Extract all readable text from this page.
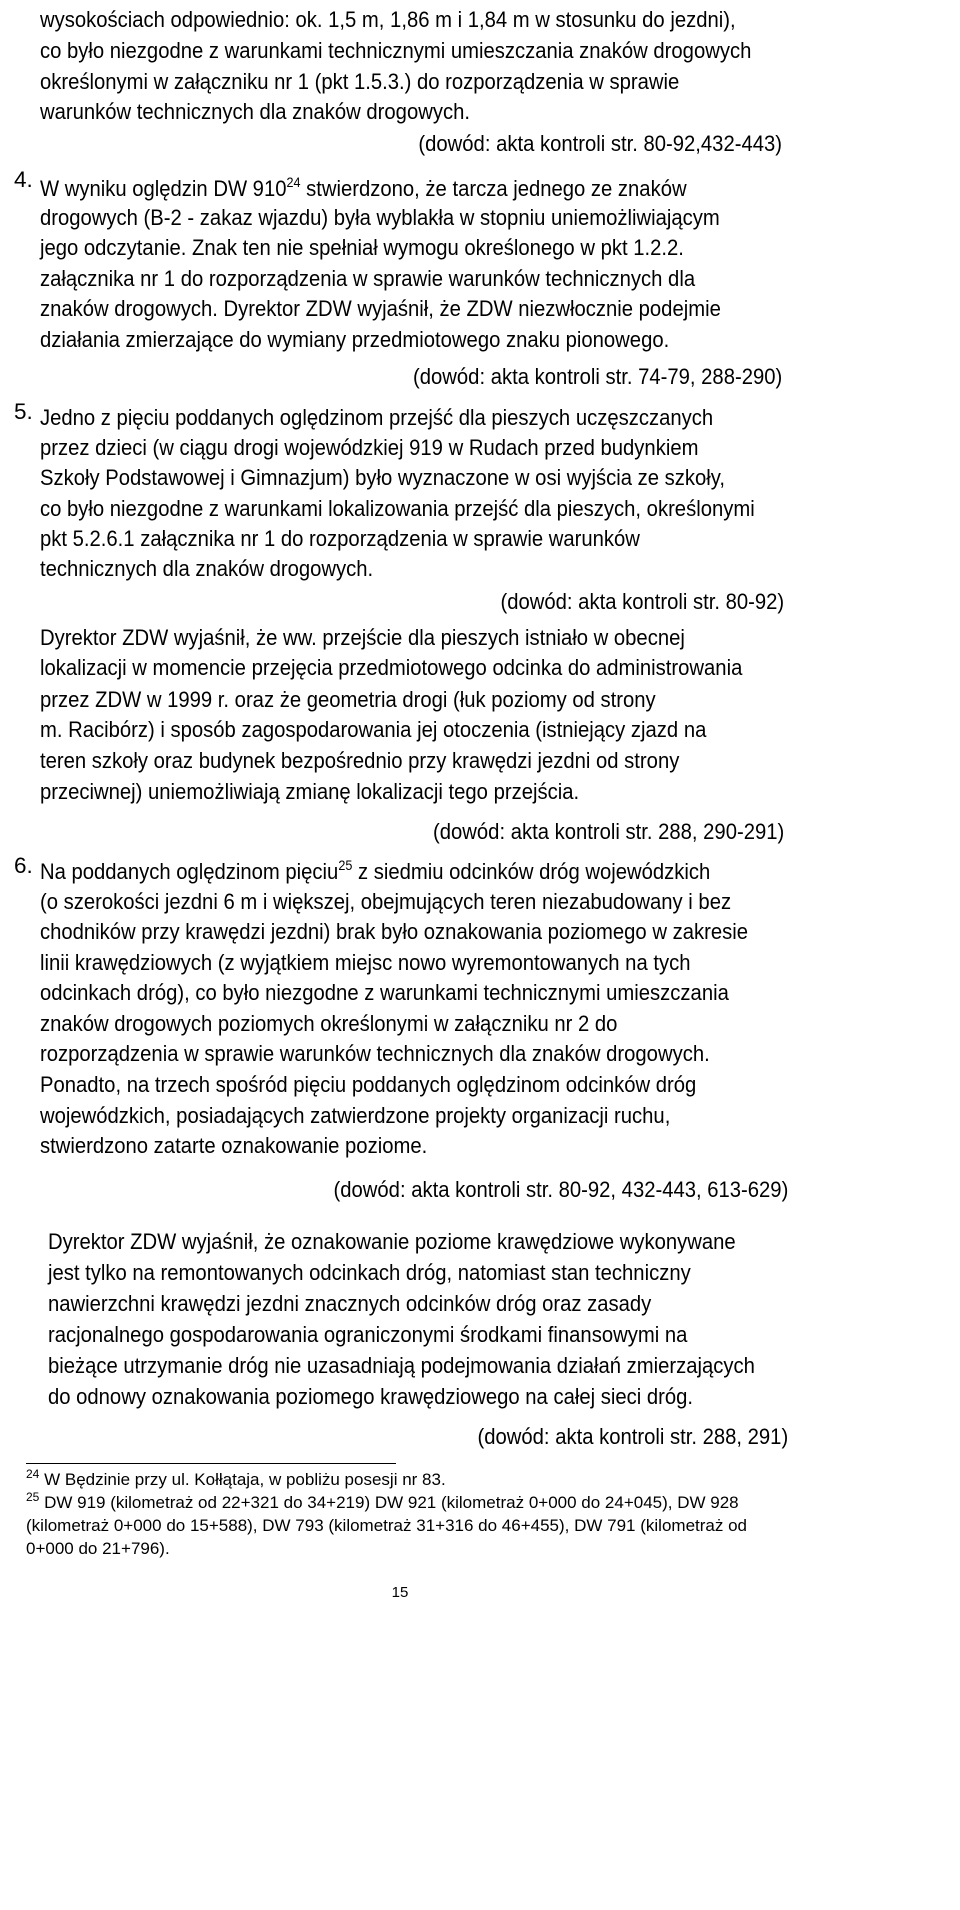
wysokościach odpowiednio: ok. 1,5 m, 1,86 m i 1,84 m w stosunku do jezdni),
co było niezgodne z warunkami technicznymi umieszczania znaków drogowych
określonymi w załączniku nr 1 (pkt 1.5.3.) do rozporządzenia w sprawie
warunków technicznych dla znaków drogowych.
(dowód: akta kontroli str. 80-92,432-443)
4. W wyniku oględzin DW $910^{24}$ stwierdzono, że tarcza jednego ze znaków
drogowych (B-2 - zakaz wjazdu) była wyblakła w stopniu uniemożliwiającym
jego odczytanie. Znak ten nie spełniał wymogu określonego w pkt 1.2.2.
załącznika nr 1 do rozporządzenia w sprawie warunków technicznych dla
znaków drogowych. Dyrektor ZDW wyjaśnił, że ZDW niezwłocznie podejmie
działania zmierzające do wymiany przedmiotowego znaku pionowego.
(dowód: akta kontroli str. 74-79, 288-290)
5. Jedno z pięciu poddanych oględzinom przejść dla pieszych uczęszczanych
przez dzieci (w ciągu drogi wojewódzkiej 919 w Rudach przed budynkiem
Szkoły Podstawowej i Gimnazjum) było wyznaczone w osi wyjścia ze szkoły,
co było niezgodne z warunkami lokalizowania przejść dla pieszych, określonymi
pkt 5.2.6.1 załącznika nr 1 do rozporządzenia w sprawie warunków
technicznych dla znaków drogowych.
(dowód: akta kontroli str. 80-92)
Dyrektor ZDW wyjaśnił, że ww. przejście dla pieszych istniało w obecnej
lokalizacji w momencie przejęcia przedmiotowego odcinka do administrowania
przez ZDW w 1999 r. oraz że geometria drogi (łuk poziomy od strony
m. Racibórz) i sposób zagospodarowania jej otoczenia (istniejący zjazd na
teren szkoły oraz budynek bezpośrednio przy krawędzi jezdni od strony
przeciwnej) uniemożliwiają zmianę lokalizacji tego przejścia.
(dowód: akta kontroli str. 288, 290-291)
6. Na poddanych oględzinom pięciu$^{25}$ z siedmiu odcinków dróg wojewódzkich
(o szerokości jezdni 6 m i większej, obejmujących teren niezabudowany i bez
chodników przy krawędzi jezdni) brak było oznakowania poziomego w zakresie
linii krawędziowych (z wyjątkiem miejsc nowo wyremontowanych na tych
odcinkach dróg), co było niezgodne z warunkami technicznymi umieszczania
znaków drogowych poziomych określonymi w załączniku nr 2 do
rozporządzenia w sprawie warunków technicznych dla znaków drogowych.
Ponadto, na trzech spośród pięciu poddanych oględzinom odcinków dróg
wojewódzkich, posiadających zatwierdzone projekty organizacji ruchu,
stwierdzono zatarte oznakowanie poziome.
(dowód: akta kontroli str. 80-92, 432-443, 613-629)
Dyrektor ZDW wyjaśnił, że oznakowanie poziome krawędziowe wykonywane
jest tylko na remontowanych odcinkach dróg, natomiast stan techniczny
nawierzchni krawędzi jezdni znacznych odcinków dróg oraz zasady
racjonalnego gospodarowania ograniczonymi środkami finansowymi na
bieżące utrzymanie dróg nie uzasadniają podejmowania działań zmierzających
do odnowy oznakowania poziomego krawędziowego na całej sieci dróg.
(dowód: akta kontroli str. 288, 291)
$^{24}$ W Będzinie przy ul. Kołłątaja, w pobliżu posesji nr 83.
$^{25}$ DW 919 (kilometraż od 22+321 do 34+219) DW 921 (kilometraż 0+000 do 24+045), DW 928
(kilometraż 0+000 do 15+588), DW 793 (kilometraż 31+316 do 46+455), DW 791 (kilometraż od
0+000 do 21+796).
15
